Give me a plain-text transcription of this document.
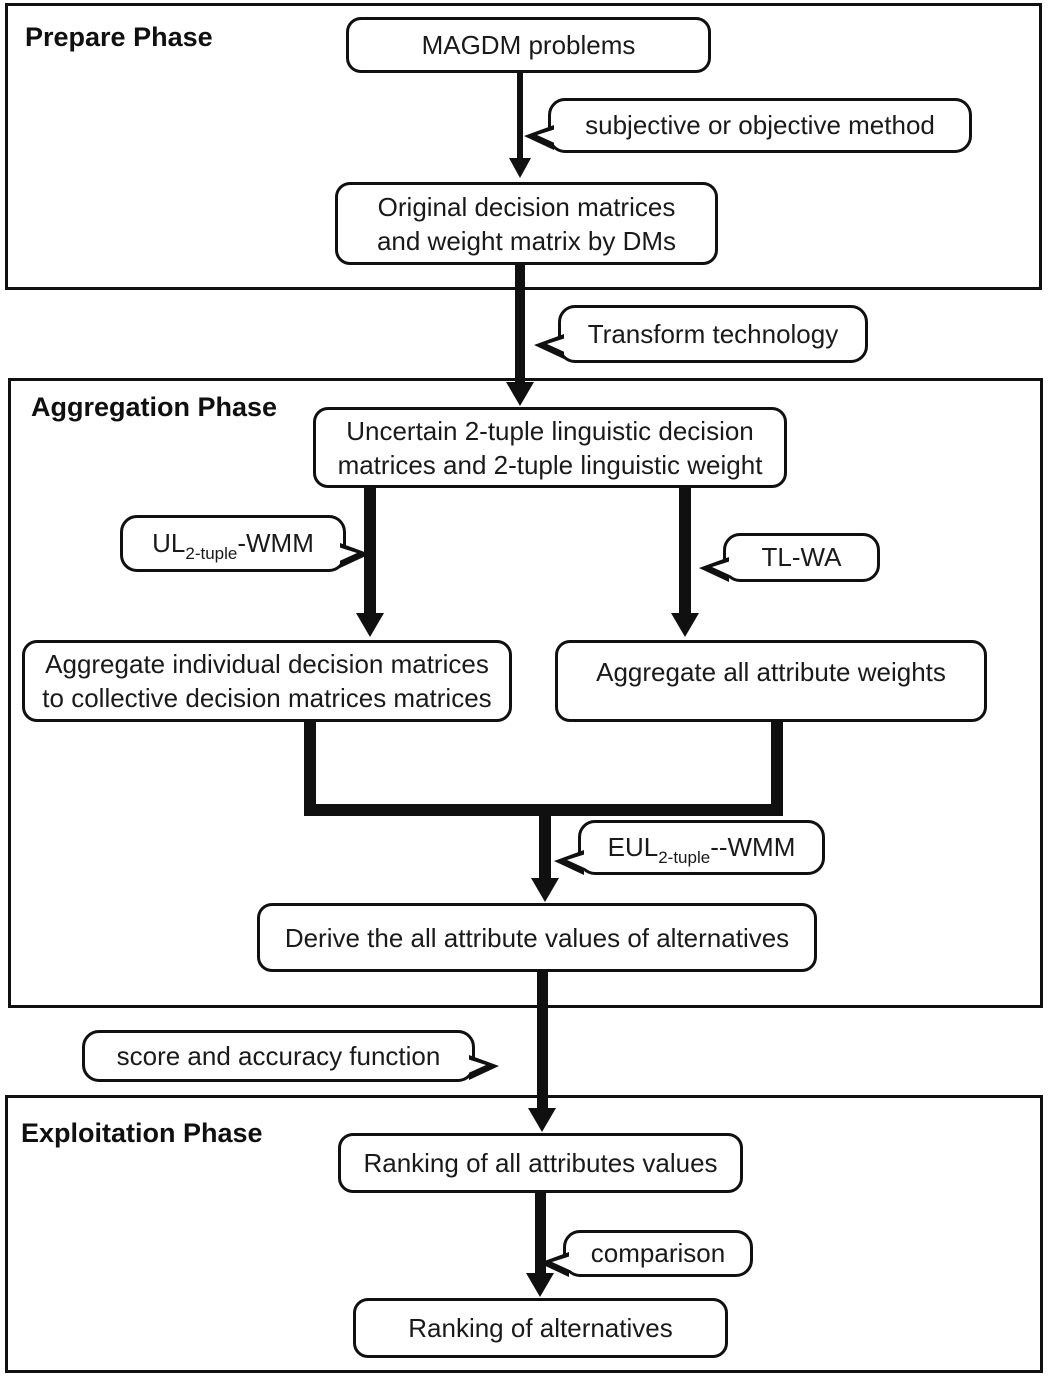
Prepare Phase
Aggregation Phase
Exploitation Phase
MAGDM problems
Original decision matrices
and weight matrix by DMs
Uncertain 2-tuple linguistic decision
matrices and 2-tuple linguistic weight
Aggregate individual decision matrices
to collective decision matrices matrices
Aggregate all attribute weights
Derive the all attribute values of alternatives
Ranking of all attributes values
Ranking of alternatives
subjective or objective method
Transform technology
$UL_{2-tuple}$-WMM	TL-WA
$EUL_{2-tuple}-$-WMM
score and accuracy function
comparison
